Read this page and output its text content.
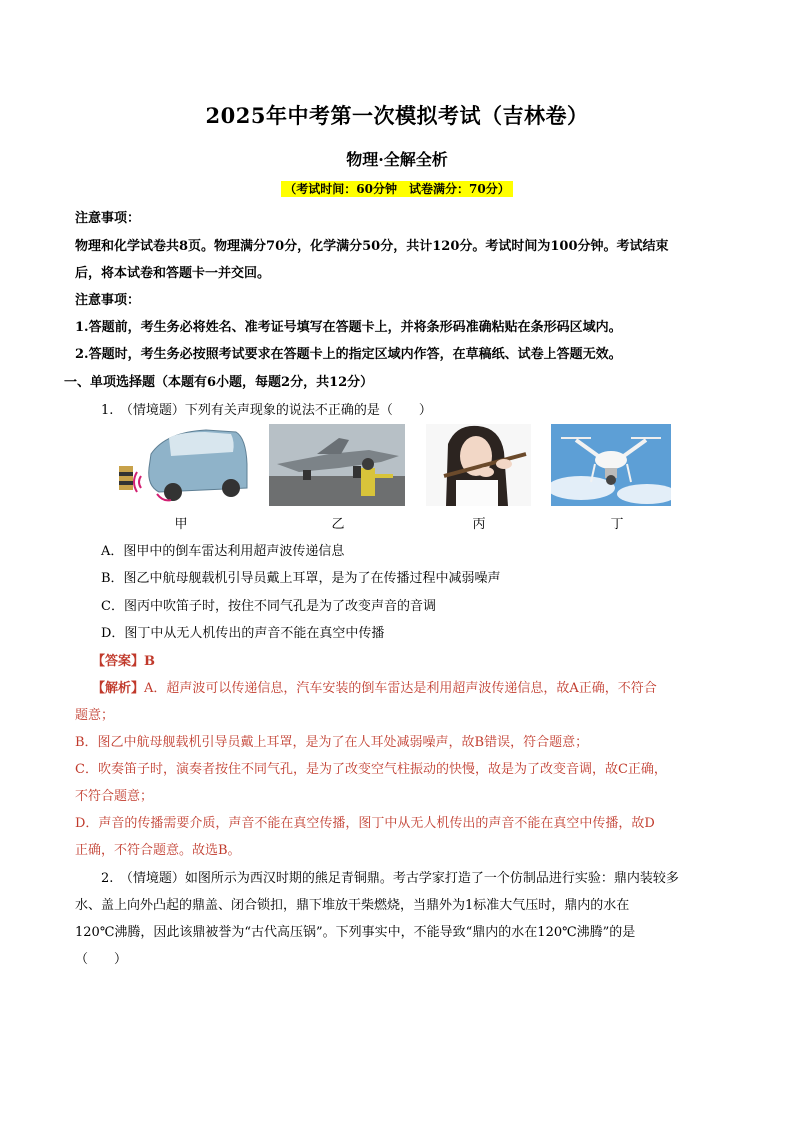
2025年中考第一次模拟考试（吉林卷）
物理·全解全析
（考试时间：60分钟　试卷满分：70分）
注意事项：
物理和化学试卷共8页。物理满分70分，化学满分50分，共计120分。考试时间为100分钟。考试结束
后，将本试卷和答题卡一并交回。
注意事项：
1.答题前，考生务必将姓名、准考证号填写在答题卡上，并将条形码准确粘贴在条形码区域内。
2.答题时，考生务必按照考试要求在答题卡上的指定区域内作答，在草稿纸、试卷上答题无效。
一、单项选择题（本题有6小题，每题2分，共12分）
1.　（情境题）下列有关声现象的说法不正确的是（　　）
甲	乙	丙	丁
A．图甲中的倒车雷达利用超声波传递信息
B．图乙中航母舰载机引导员戴上耳罩，是为了在传播过程中减弱噪声
C．图丙中吹笛子时，按住不同气孔是为了改变声音的音调
D．图丁中从无人机传出的声音不能在真空中传播
【答案】B
【解析】A．超声波可以传递信息，汽车安装的倒车雷达是利用超声波传递信息，故A正确，不符合
题意；
B．图乙中航母舰载机引导员戴上耳罩，是为了在人耳处减弱噪声，故B错误，符合题意；
C．吹奏笛子时，演奏者按住不同气孔，是为了改变空气柱振动的快慢，故是为了改变音调，故C正确，
不符合题意；
D．声音的传播需要介质，声音不能在真空传播，图丁中从无人机传出的声音不能在真空中传播，故D
正确，不符合题意。故选B。
2.　（情境题）如图所示为西汉时期的熊足青铜鼎。考古学家打造了一个仿制品进行实验：鼎内装较多
水、盖上向外凸起的鼎盖、闭合锁扣，鼎下堆放干柴燃烧，当鼎外为1标准大气压时，鼎内的水在
120℃沸腾，因此该鼎被誉为“古代高压锅”。下列事实中，不能导致“鼎内的水在120℃沸腾”的是
（　　）
